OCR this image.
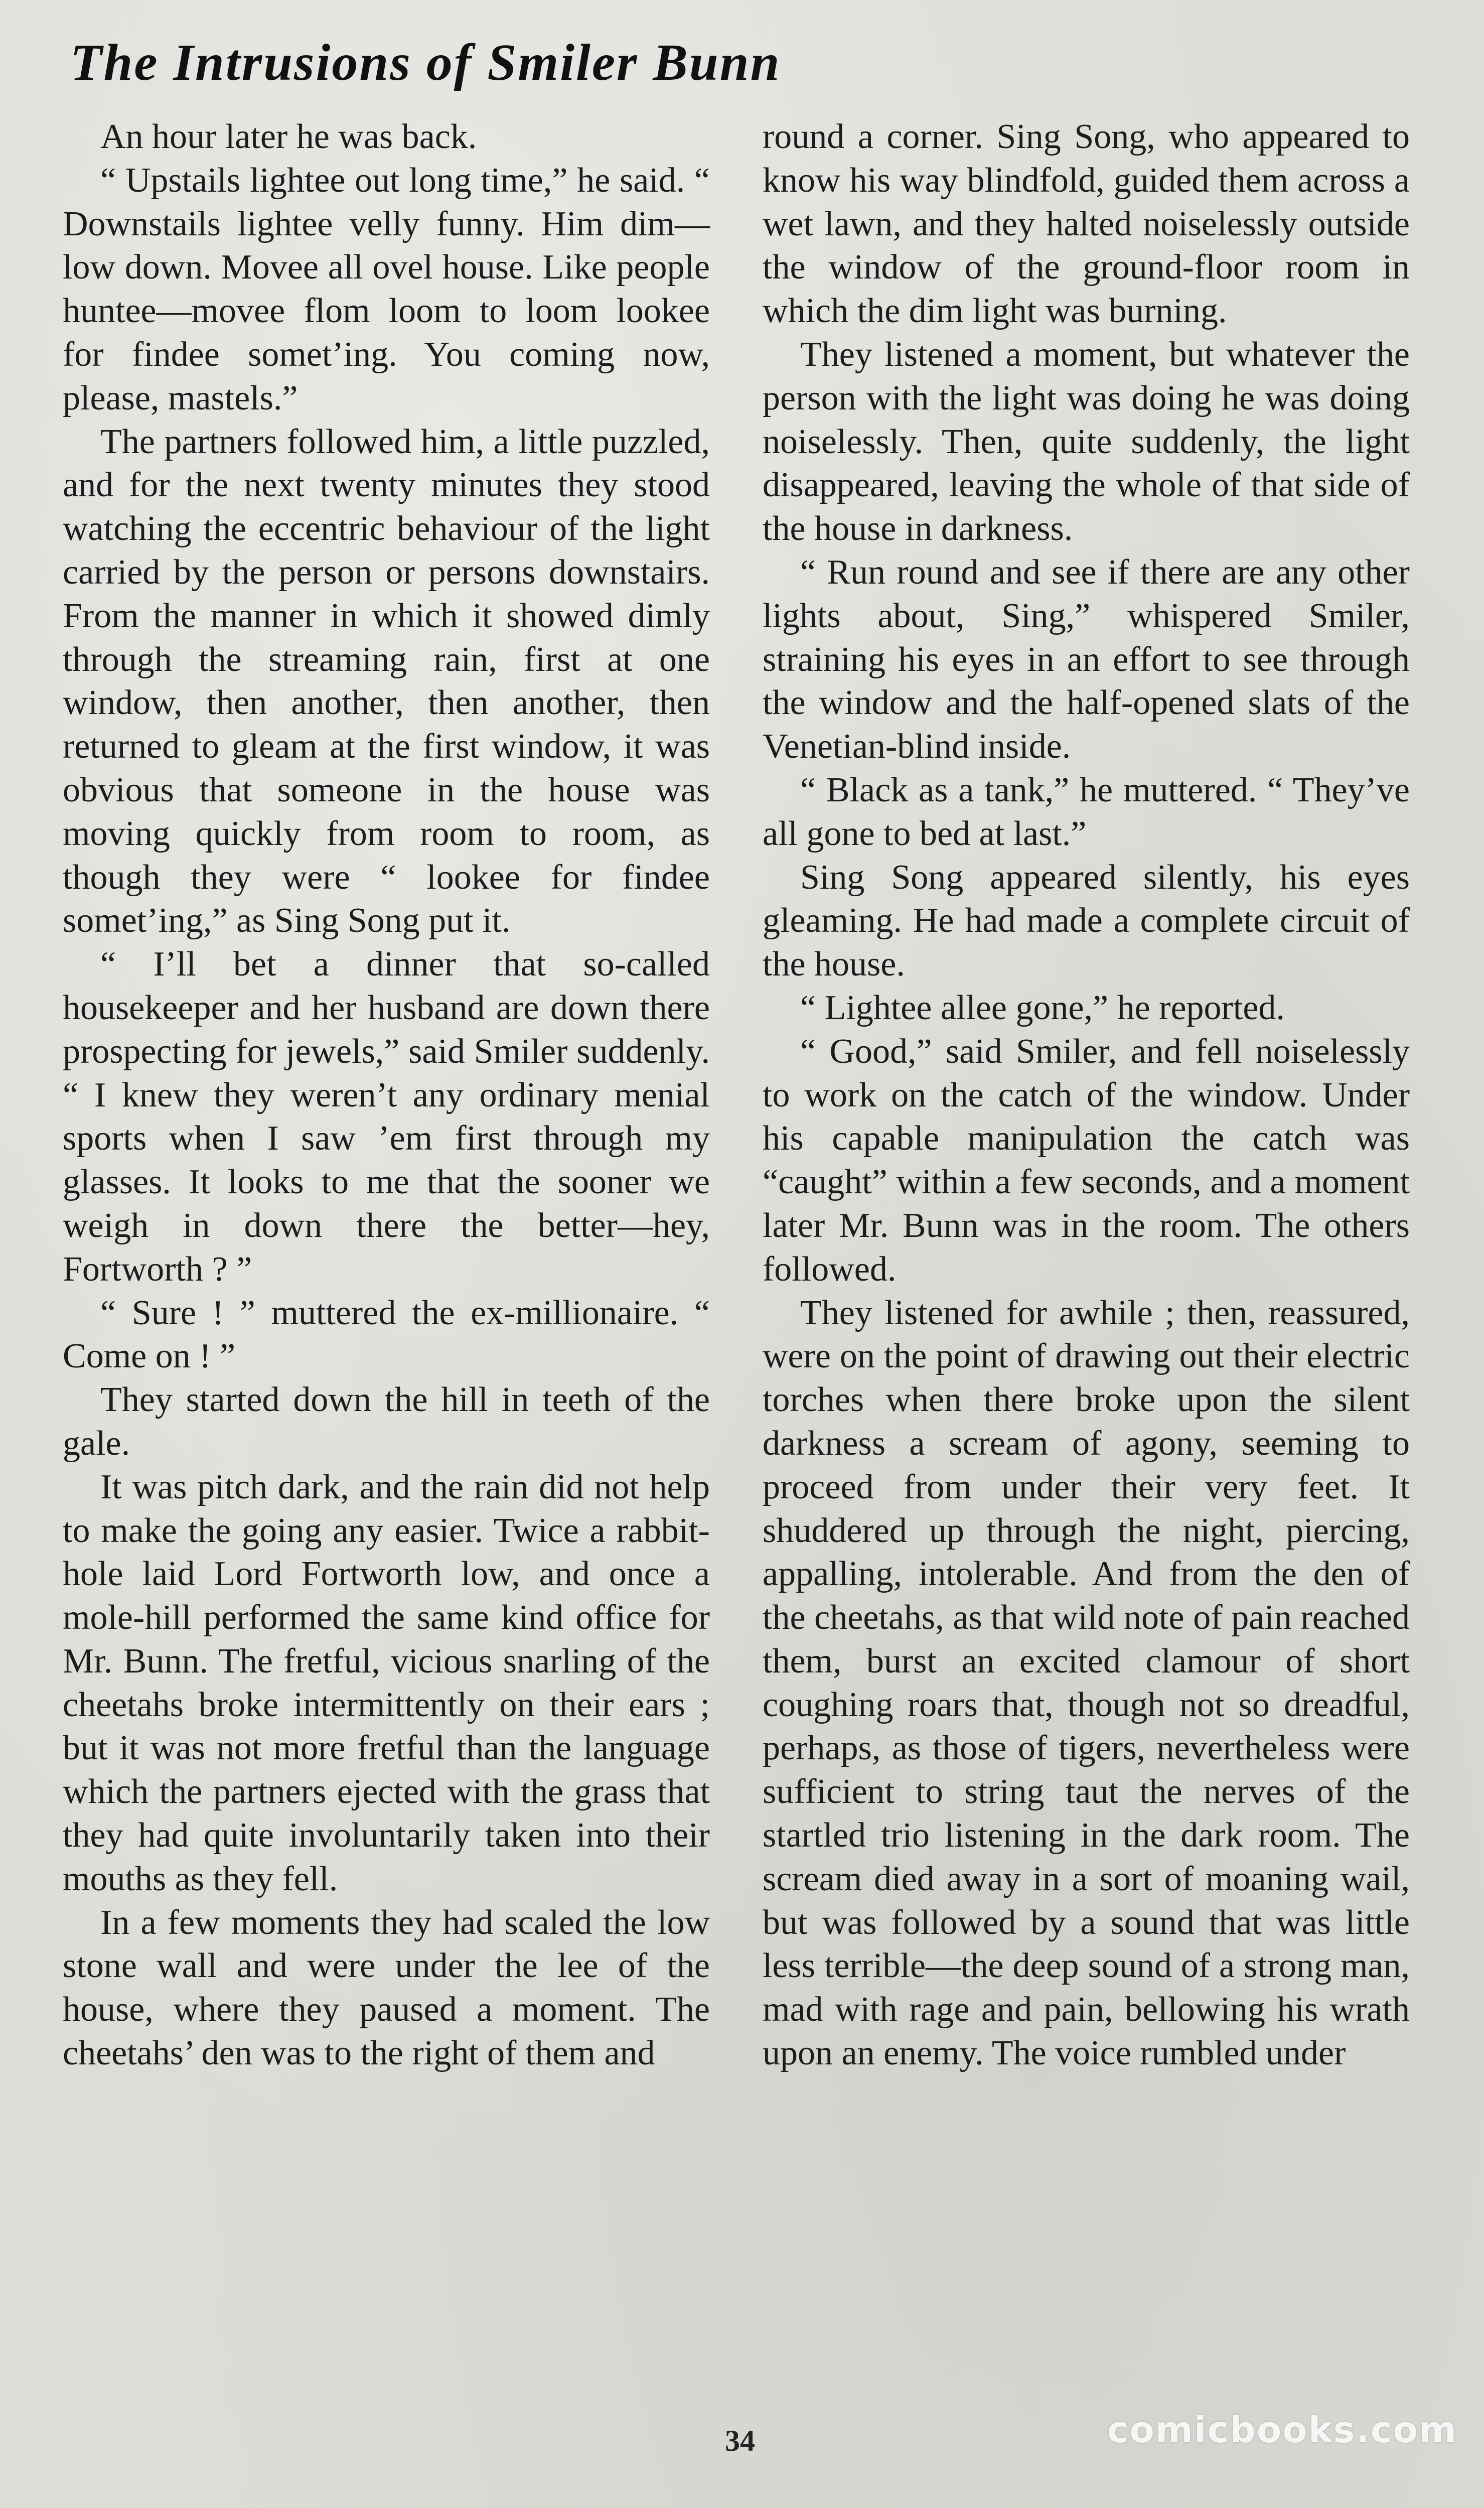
The Intrusions of Smiler Bunn

An hour later he was back.

“ Upstails lightee out long time,” he said. “ Downstails lightee velly funny. Him dim—low down. Movee all ovel house. Like people huntee—movee flom loom to loom lookee for findee somet’ing. You coming now, please, mastels.”

The partners followed him, a little puzzled, and for the next twenty minutes they stood watching the eccentric behaviour of the light carried by the person or persons downstairs. From the manner in which it showed dimly through the streaming rain, first at one window, then another, then another, then returned to gleam at the first window, it was obvious that someone in the house was moving quickly from room to room, as though they were “ lookee for findee somet’ing,” as Sing Song put it.

“ I’ll bet a dinner that so-called housekeeper and her husband are down there prospecting for jewels,” said Smiler suddenly. “ I knew they weren’t any ordinary menial sports when I saw ’em first through my glasses. It looks to me that the sooner we weigh in down there the better—hey, Fortworth ? ”

“ Sure ! ” muttered the ex-millionaire. “ Come on ! ”

They started down the hill in teeth of the gale.

It was pitch dark, and the rain did not help to make the going any easier. Twice a rabbit-hole laid Lord Fortworth low, and once a mole-hill performed the same kind office for Mr. Bunn. The fretful, vicious snarling of the cheetahs broke intermittently on their ears ; but it was not more fretful than the language which the partners ejected with the grass that they had quite involuntarily taken into their mouths as they fell.

In a few moments they had scaled the low stone wall and were under the lee of the house, where they paused a moment. The cheetahs’ den was to the right of them and

round a corner. Sing Song, who appeared to know his way blindfold, guided them across a wet lawn, and they halted noiselessly outside the window of the ground-floor room in which the dim light was burning.

They listened a moment, but whatever the person with the light was doing he was doing noiselessly. Then, quite suddenly, the light disappeared, leaving the whole of that side of the house in darkness.

“ Run round and see if there are any other lights about, Sing,” whispered Smiler, straining his eyes in an effort to see through the window and the half-opened slats of the Venetian-blind inside.

“ Black as a tank,” he muttered. “ They’ve all gone to bed at last.”

Sing Song appeared silently, his eyes gleaming. He had made a complete circuit of the house.

“ Lightee allee gone,” he reported.

“ Good,” said Smiler, and fell noiselessly to work on the catch of the window. Under his capable manipulation the catch was “caught” within a few seconds, and a moment later Mr. Bunn was in the room. The others followed.

They listened for awhile ; then, reassured, were on the point of drawing out their electric torches when there broke upon the silent darkness a scream of agony, seeming to proceed from under their very feet. It shuddered up through the night, piercing, appalling, intolerable. And from the den of the cheetahs, as that wild note of pain reached them, burst an excited clamour of short coughing roars that, though not so dreadful, perhaps, as those of tigers, nevertheless were sufficient to string taut the nerves of the startled trio listening in the dark room. The scream died away in a sort of moaning wail, but was followed by a sound that was little less terrible—the deep sound of a strong man, mad with rage and pain, bellowing his wrath upon an enemy. The voice rumbled under

34	comicbooks.com
